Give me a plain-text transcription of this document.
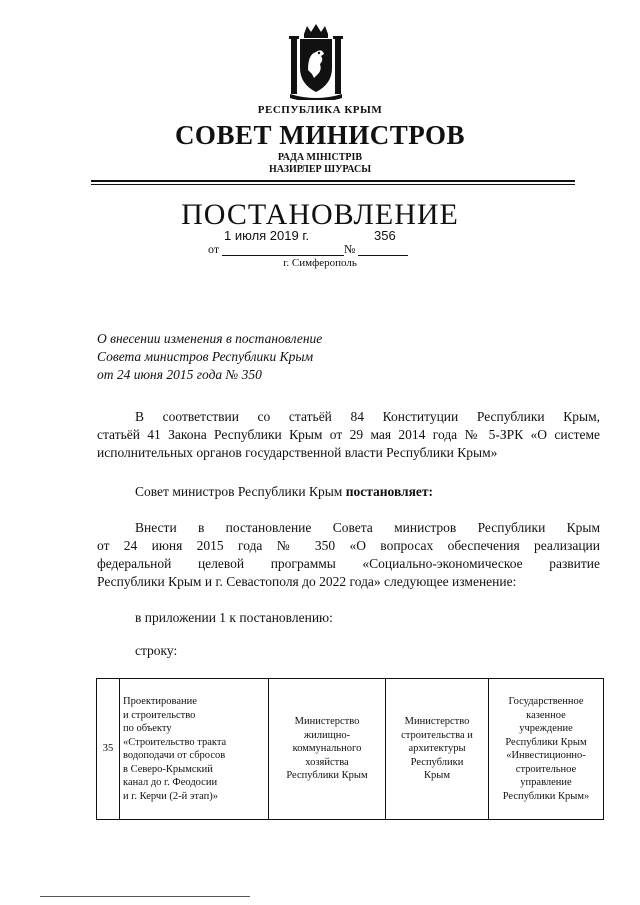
РЕСПУБЛИКА КРЫМ
СОВЕТ МИНИСТРОВ
РАДА МІНІСТРІВ
НАЗИРЛЕР ШУРАСЫ
ПОСТАНОВЛЕНИЕ
от
1 июля 2019 г.
№
356
г. Симферополь
О внесении изменения в постановление
Совета министров Республики Крым
от 24 июня 2015 года № 350
В соответствии со статьёй 84 Конституции Республики Крым,
статьёй 41 Закона Республики Крым от 29 мая 2014 года № 5-ЗРК «О системе
исполнительных органов государственной власти Республики Крым»
Совет министров Республики Крым постановляет:
Внести в постановление Совета министров Республики Крым
от 24 июня 2015 года № 350 «О вопросах обеспечения реализации
федеральной целевой программы «Социально-экономическое развитие
Республики Крым и г. Севастополя до 2022 года» следующее изменение:
в приложении 1 к постановлению:
строку:
35	
Проектирование
и строительство
по объекту
«Строительство тракта
водоподачи от сбросов
в Северо-Крымский
канал до г. Феодосии
и г. Керчи (2-й этап)»

Министерство
жилищно-
коммунального
хозяйства
Республики Крым

Министерство
строительства и
архитектуры
Республики
Крым

Государственное
казенное
учреждение
Республики Крым
«Инвестиционно-
строительное
управление
Республики Крым»
